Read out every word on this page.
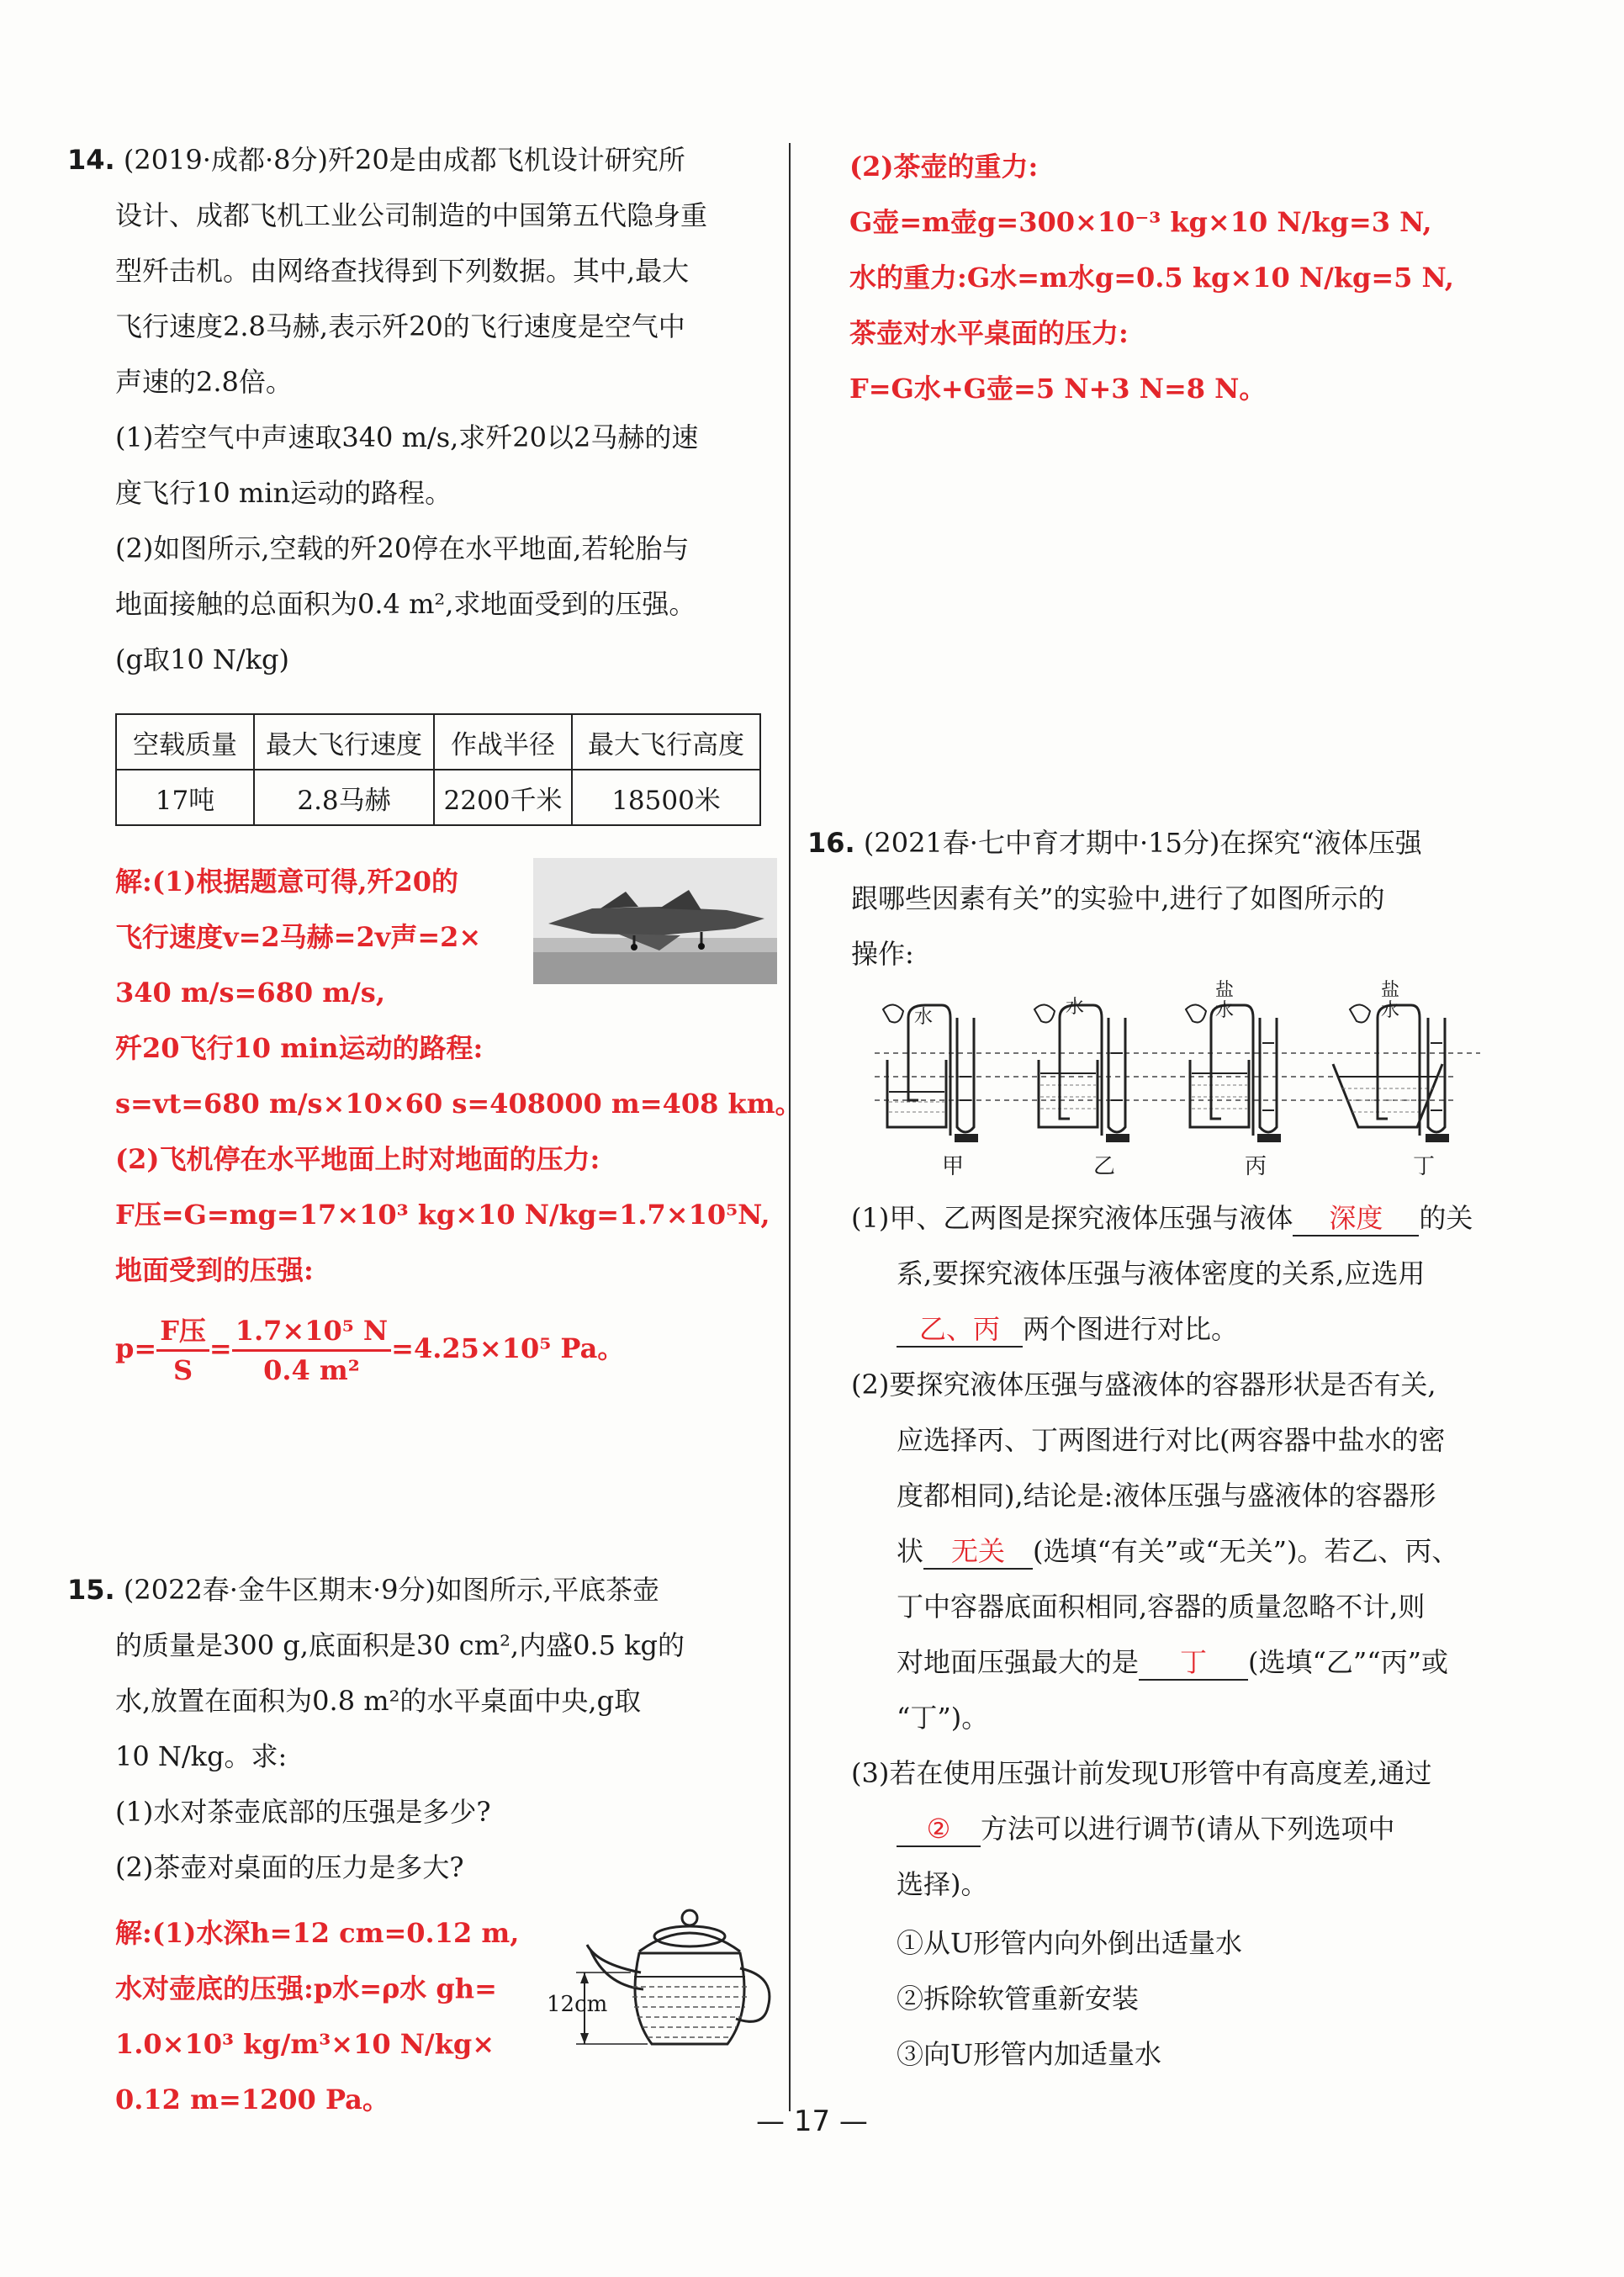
14. (2019·成都·8分)歼20是由成都飞机设计研究所
设计、成都飞机工业公司制造的中国第五代隐身重
型歼击机。由网络查找得到下列数据。其中,最大
飞行速度2.8马赫,表示歼20的飞行速度是空气中
声速的2.8倍。
(1)若空气中声速取340 m/s,求歼20以2马赫的速
度飞行10 min运动的路程。
(2)如图所示,空载的歼20停在水平地面,若轮胎与
地面接触的总面积为0.4 m²,求地面受到的压强。
(g取10 N/kg)
空载质量	最大飞行速度	作战半径	最大飞行高度
17吨	2.8马赫	2200千米	18500米
解:(1)根据题意可得,歼20的
飞行速度v=2马赫=2v声=2×
340 m/s=680 m/s,
歼20飞行10 min运动的路程:
s=vt=680 m/s×10×60 s=408000 m=408 km。
(2)飞机停在水平地面上时对地面的压力:
F压=G=mg=17×10³ kg×10 N/kg=1.7×10⁵N,
地面受到的压强:
$p= \frac{\text{F压}}{S} = \frac{\text{1.7×10⁵ N}}{\text{0.4 m²}} =4.25\times 10^5$ Pa。
15. (2022春·金牛区期末·9分)如图所示,平底茶壶
的质量是300 g,底面积是30 cm²,内盛0.5 kg的
水,放置在面积为0.8 m²的水平桌面中央,g取
10 N/kg。求:
(1)水对茶壶底部的压强是多少?
(2)茶壶对桌面的压力是多大?
解:(1)水深h=12 cm=0.12 m,
水对壶底的压强:p水=ρ水 gh=
1.0×10³ kg/m³×10 N/kg×
0.12 m=1200 Pa。
12cm
(2)茶壶的重力:
G壶=m壶g=300×10⁻³ kg×10 N/kg=3 N,
水的重力:G水=m水g=0.5 kg×10 N/kg=5 N,
茶壶对水平桌面的压力:
F=G水+G壶=5 N+3 N=8 N。
16. (2021春·七中育才期中·15分)在探究“液体压强
跟哪些因素有关”的实验中,进行了如图所示的
操作:
水	水
盐水
盐水
甲	乙	丙	丁
(1)甲、乙两图是探究液体压强与液体 深度 的关
系,要探究液体压强与液体密度的关系,应选用
乙、丙 两个图进行对比。
(2)要探究液体压强与盛液体的容器形状是否有关,
应选择丙、丁两图进行对比(两容器中盐水的密
度都相同),结论是:液体压强与盛液体的容器形
状 无关 (选填“有关”或“无关”)。若乙、丙、
丁中容器底面积相同,容器的质量忽略不计,则
对地面压强最大的是 丁 (选填“乙”“丙”或
“丁”)。
(3)若在使用压强计前发现U形管中有高度差,通过
② 方法可以进行调节(请从下列选项中
选择)。
①从U形管内向外倒出适量水
②拆除软管重新安装
③向U形管内加适量水
— 17 —
